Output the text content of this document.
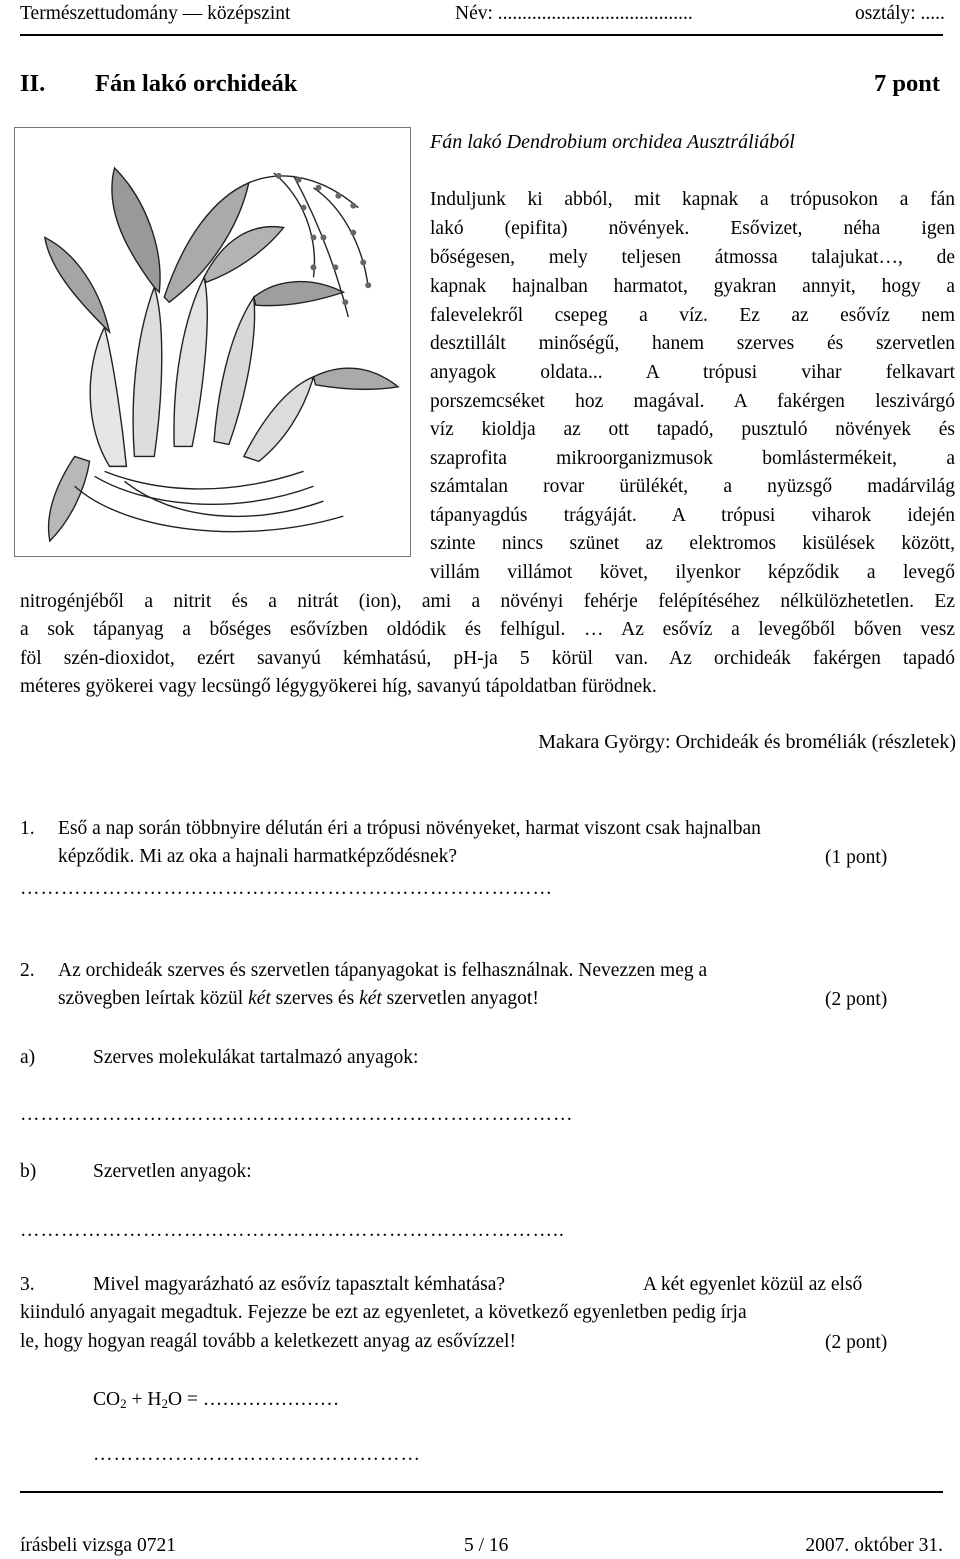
Természettudomány — középszint	Név: ........................................	osztály: .....
II. Fán lakó orchideák	7 pont
Fán lakó Dendrobium orchidea Ausztráliából
Induljunk ki abból, mit kapnak a trópusokon a fán
lakó (epifita) növények. Esővizet, néha igen
bőségesen, mely teljesen átmossa talajukat…, de
kapnak hajnalban harmatot, gyakran annyit, hogy a
falevelekről csepeg a víz. Ez az esővíz nem
desztillált minőségű, hanem szerves és szervetlen
anyagok oldata... A trópusi vihar felkavart
porszemcséket hoz magával. A fakérgen leszivárgó
víz kioldja az ott tapadó, pusztuló növények és
szaprofita mikroorganizmusok bomlástermékeit, a
számtalan rovar ürülékét, a nyüzsgő madárvilág
tápanyagdús trágyáját. A trópusi viharok idején
szinte nincs szünet az elektromos kisülések között,
villám villámot követ, ilyenkor képződik a levegő
nitrogénjéből a nitrit és a nitrát (ion), ami a növényi fehérje felépítéséhez nélkülözhetetlen. Ez
a sok tápanyag a bőséges esővízben oldódik és felhígul. … Az esővíz a levegőből bőven vesz
föl szén-dioxidot, ezért savanyú kémhatású, pH-ja 5 körül van. Az orchideák fakérgen tapadó
méteres gyökerei vagy lecsüngő légygyökerei híg, savanyú tápoldatban fürödnek.
Makara György: Orchideák és broméliák (részletek)
1. Eső a nap során többnyire délután éri a trópusi növényeket, harmat viszont csak hajnalban
képződik. Mi az oka a hajnali harmatképződésnek?	(1 pont)
……………………………………………………………………
2. Az orchideák szerves és szervetlen tápanyagokat is felhasználnak. Nevezzen meg a
szövegben leírtak közül két szerves és két szervetlen anyagot!	(2 pont)
a)	Szerves molekulákat tartalmazó anyagok:
………………………………………………………………………
b)	Szervetlen anyagok:
……………………………………………………………………..
3.	Mivel magyarázható az esővíz tapasztalt kémhatása?	A két egyenlet közül az első
kiinduló anyagait megadtuk. Fejezze be ezt az egyenletet, a következő egyenletben pedig írja
le, hogy hogyan reagál tovább a keletkezett anyag az esővízzel!	(2 pont)
$CO_2 + H_2O$ = …………………
…………………………………………
írásbeli vizsga 0721	5 / 16	2007. október 31.
